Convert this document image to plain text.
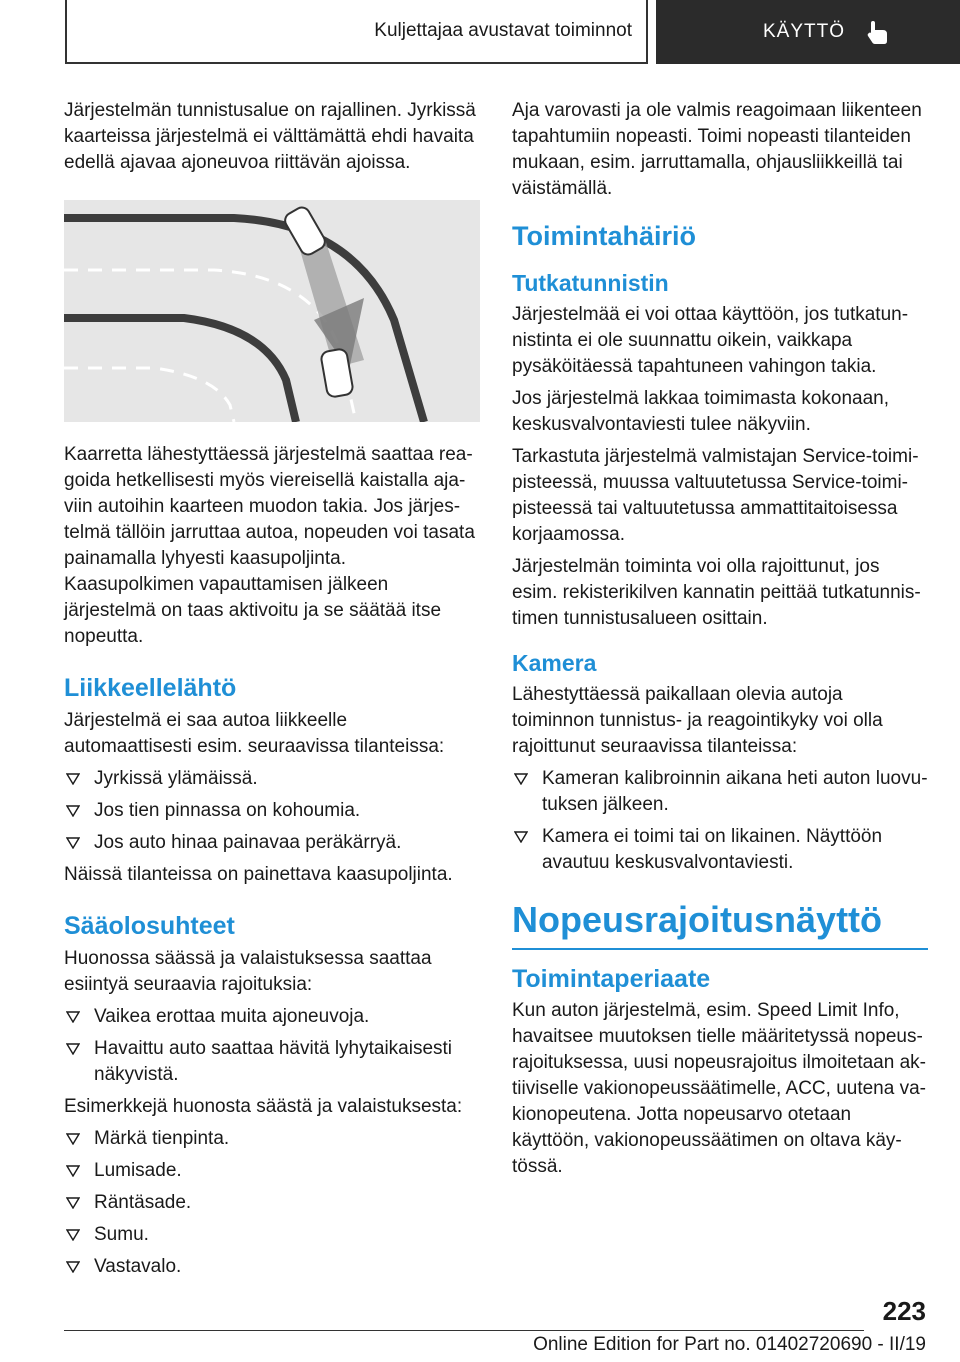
Kuljettajaa avustavat toiminnot	KÄYTTÖ

Järjestelmän tunnistusalue on rajallinen. Jyrkissä kaarteissa järjestelmä ei välttämättä ehdi havaita edellä ajavaa ajoneuvoa riittävän ajoissa.

Kaarretta lähestyttäessä järjestelmä saattaa reagoida hetkellisesti myös viereisellä kaistalla ajaviin autoihin kaarteen muodon takia. Jos järjestelmä tällöin jarruttaa autoa, nopeuden voi tasata painamalla lyhyesti kaasupoljinta. Kaasupolkimen vapauttamisen jälkeen järjestelmä on taas aktivoitu ja se säätää itse nopeutta.

Liikkeellelähtö

Järjestelmä ei saa autoa liikkeelle automaattisesti esim. seuraavissa tilanteissa:

Jyrkissä ylämäissä.
Jos tien pinnassa on kohoumia.
Jos auto hinaa painavaa peräkärryä.

Näissä tilanteissa on painettava kaasupoljinta.

Sääolosuhteet

Huonossa säässä ja valaistuksessa saattaa esiintyä seuraavia rajoituksia:

Vaikea erottaa muita ajoneuvoja.
Havaittu auto saattaa hävitä lyhytaikaisesti näkyvistä.

Esimerkkejä huonosta säästä ja valaistuksesta:

Märkä tienpinta.
Lumisade.
Räntäsade.
Sumu.
Vastavalo.

Aja varovasti ja ole valmis reagoimaan liikenteen tapahtumiin nopeasti. Toimi nopeasti tilanteiden mukaan, esim. jarruttamalla, ohjausliikkeillä tai väistämällä.

Toimintahäiriö
Tutkatunnistin

Järjestelmää ei voi ottaa käyttöön, jos tutkatunnistinta ei ole suunnattu oikein, vaikkapa pysäköitäessä tapahtuneen vahingon takia.

Jos järjestelmä lakkaa toimimasta kokonaan, keskusvalvontaviesti tulee näkyviin.

Tarkastuta järjestelmä valmistajan Service-toimipisteessä, muussa valtuutetussa Service-toimipisteessä tai valtuutetussa ammattitaitoisessa korjaamossa.

Järjestelmän toiminta voi olla rajoittunut, jos esim. rekisterikilven kannatin peittää tutkatunnistimen tunnistusalueen osittain.

Kamera

Lähestyttäessä paikallaan olevia autoja toiminnon tunnistus- ja reagointikyky voi olla rajoittunut seuraavissa tilanteissa:

Kameran kalibroinnin aikana heti auton luovutuksen jälkeen.
Kamera ei toimi tai on likainen. Näyttöön avautuu keskusvalvontaviesti.
Nopeusrajoitusnäyttö
Toimintaperiaate

Kun auton järjestelmä, esim. Speed Limit Info, havaitsee muutoksen tielle määritetyssä nopeusrajoituksessa, uusi nopeusrajoitus ilmoitetaan aktiiviselle vakionopeussäätimelle, ACC, uutena vakionopeutena. Jotta nopeusarvo otetaan käyttöön, vakionopeussäätimen on oltava käytössä.

223
Online Edition for Part no. 01402720690 - II/19
